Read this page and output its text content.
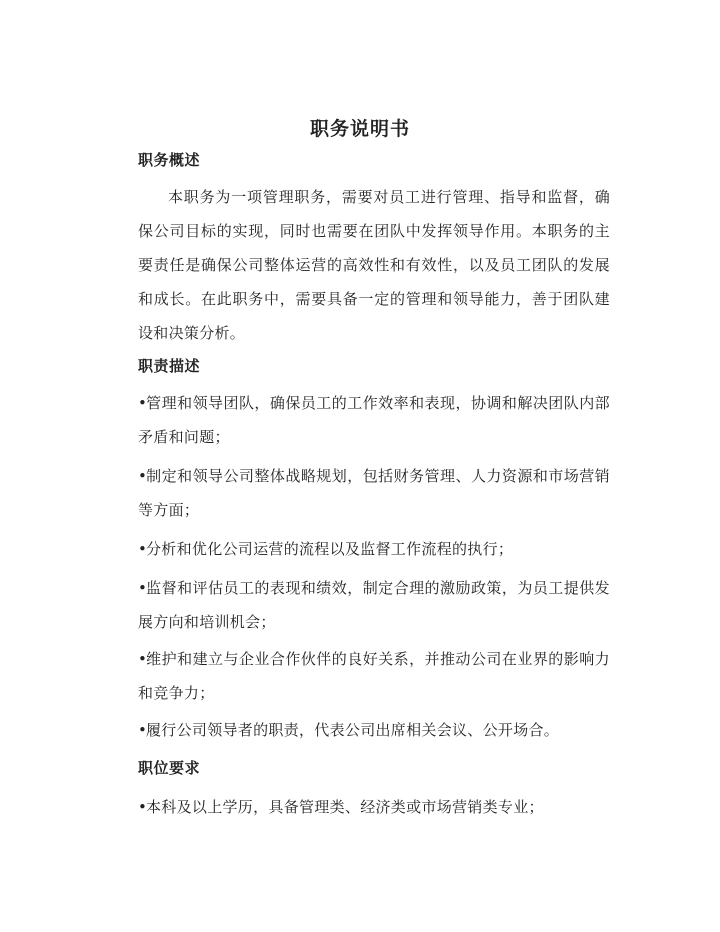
职务说明书
职务概述
本职务为一项管理职务，需要对员工进行管理、指导和监督，确保公司目标的实现，同时也需要在团队中发挥领导作用。本职务的主要责任是确保公司整体运营的高效性和有效性，以及员工团队的发展和成长。在此职务中，需要具备一定的管理和领导能力，善于团队建设和决策分析。
职责描述
•管理和领导团队，确保员工的工作效率和表现，协调和解决团队内部矛盾和问题；
•制定和领导公司整体战略规划，包括财务管理、人力资源和市场营销等方面；
•分析和优化公司运营的流程以及监督工作流程的执行；
•监督和评估员工的表现和绩效，制定合理的激励政策，为员工提供发展方向和培训机会；
•维护和建立与企业合作伙伴的良好关系，并推动公司在业界的影响力和竞争力；
•履行公司领导者的职责，代表公司出席相关会议、公开场合。
职位要求
•本科及以上学历，具备管理类、经济类或市场营销类专业；
